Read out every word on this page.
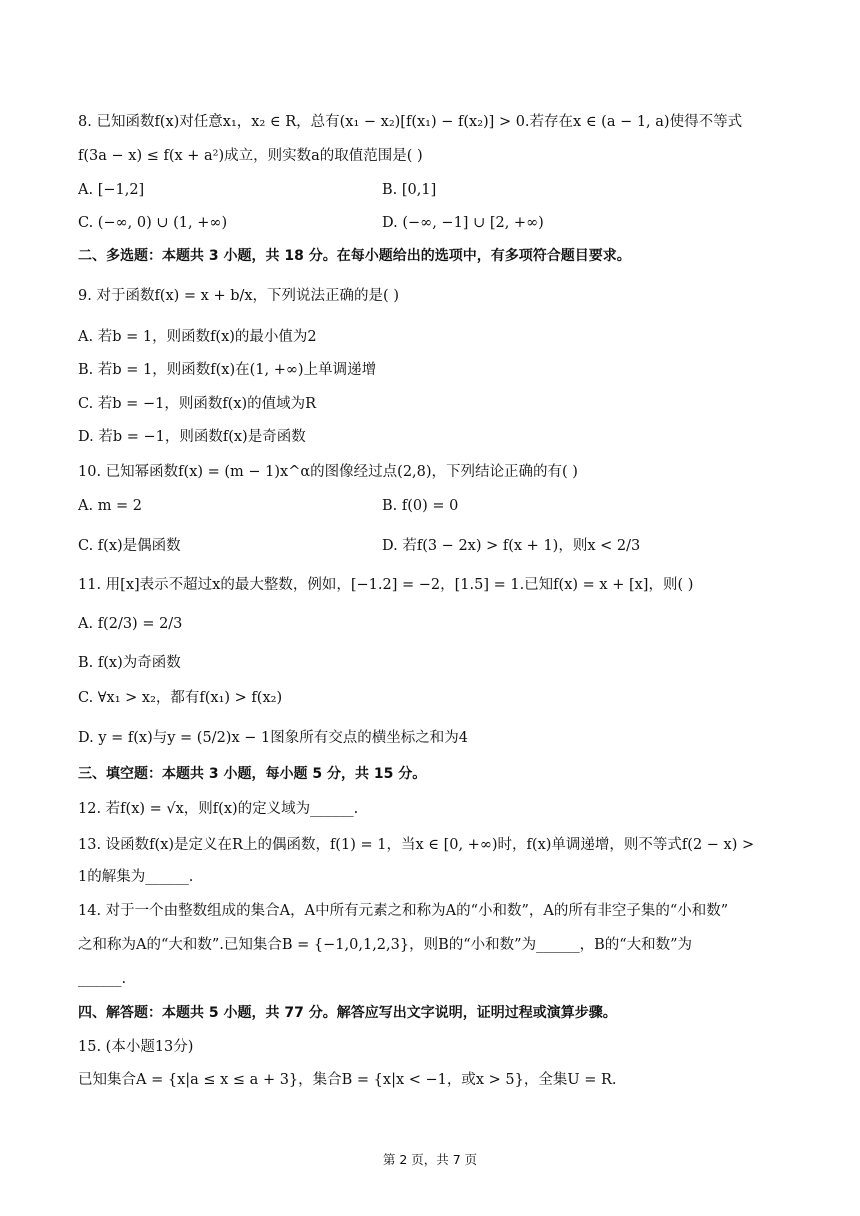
8. 已知函数f(x)对任意x₁，x₂ ∈ R，总有(x₁ − x₂)[f(x₁) − f(x₂)] > 0.若存在x ∈ (a − 1, a)使得不等式
f(3a − x) ≤ f(x + a²)成立，则实数a的取值范围是( )
A. [−1,2]	B. [0,1]
C. (−∞, 0) ∪ (1, +∞)	D. (−∞, −1] ∪ [2, +∞)
二、多选题：本题共 3 小题，共 18 分。在每小题给出的选项中，有多项符合题目要求。
9. 对于函数f(x) = x + b/x，下列说法正确的是( )
A. 若b = 1，则函数f(x)的最小值为2
B. 若b = 1，则函数f(x)在(1, +∞)上单调递增
C. 若b = −1，则函数f(x)的值域为R
D. 若b = −1，则函数f(x)是奇函数
10. 已知幂函数f(x) = (m − 1)x^α的图像经过点(2,8)，下列结论正确的有( )
A. m = 2	B. f(0) = 0
C. f(x)是偶函数	D. 若f(3 − 2x) > f(x + 1)，则x < 2/3
11. 用[x]表示不超过x的最大整数，例如，[−1.2] = −2，[1.5] = 1.已知f(x) = x + [x]，则( )
A. f(2/3) = 2/3
B. f(x)为奇函数
C. ∀x₁ > x₂，都有f(x₁) > f(x₂)
D. y = f(x)与y = (5/2)x − 1图象所有交点的横坐标之和为4
三、填空题：本题共 3 小题，每小题 5 分，共 15 分。
12. 若f(x) = √x，则f(x)的定义域为______.
13. 设函数f(x)是定义在R上的偶函数，f(1) = 1，当x ∈ [0, +∞)时，f(x)单调递增，则不等式f(2 − x) >
1的解集为______.
14. 对于一个由整数组成的集合A，A中所有元素之和称为A的“小和数”，A的所有非空子集的“小和数”
之和称为A的“大和数”.已知集合B = {−1,0,1,2,3}，则B的“小和数”为______，B的“大和数”为
______.
四、解答题：本题共 5 小题，共 77 分。解答应写出文字说明，证明过程或演算步骤。
15. (本小题13分)
已知集合A = {x|a ≤ x ≤ a + 3}，集合B = {x|x < −1，或x > 5}，全集U = R.
第 2 页，共 7 页
